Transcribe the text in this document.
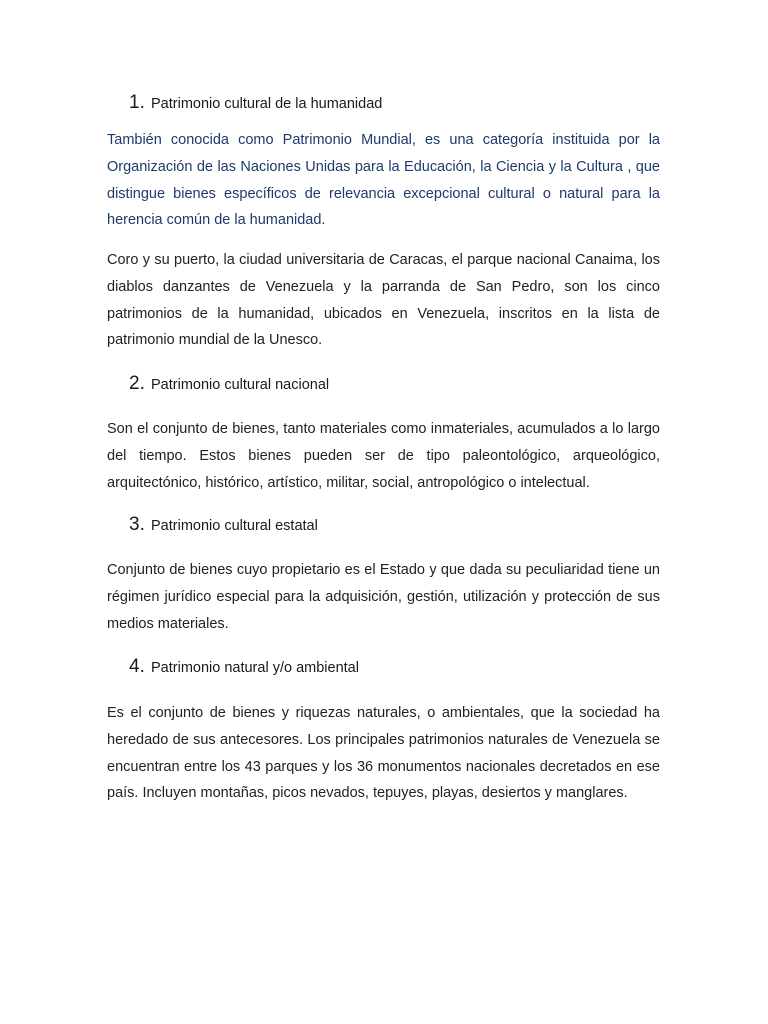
1. Patrimonio cultural de la humanidad

También conocida como Patrimonio Mundial, es una categoría instituida por la Organización de las Naciones Unidas para la Educación, la Ciencia y la Cultura , que distingue bienes específicos de relevancia excepcional cultural o natural para la herencia común de la humanidad.

Coro y su puerto, la ciudad universitaria de Caracas, el parque nacional Canaima, los diablos danzantes de Venezuela y la parranda de San Pedro, son los cinco patrimonios de la humanidad, ubicados en Venezuela, inscritos en la lista de patrimonio mundial de la Unesco.

2. Patrimonio cultural nacional

Son el conjunto de bienes, tanto materiales como inmateriales, acumulados a lo largo del tiempo. Estos bienes pueden ser de tipo paleontológico, arqueológico, arquitectónico, histórico, artístico, militar, social, antropológico o intelectual.

3. Patrimonio cultural estatal

Conjunto de bienes cuyo propietario es el Estado y que dada su peculiaridad tiene un régimen jurídico especial para la adquisición, gestión, utilización y protección de sus medios materiales.

4. Patrimonio natural y/o ambiental

Es el conjunto de bienes y riquezas naturales, o ambientales, que la sociedad ha heredado de sus antecesores. Los principales patrimonios naturales de Venezuela se encuentran entre los 43 parques y los 36 monumentos nacionales decretados en ese país. Incluyen montañas, picos nevados, tepuyes, playas, desiertos y manglares.
